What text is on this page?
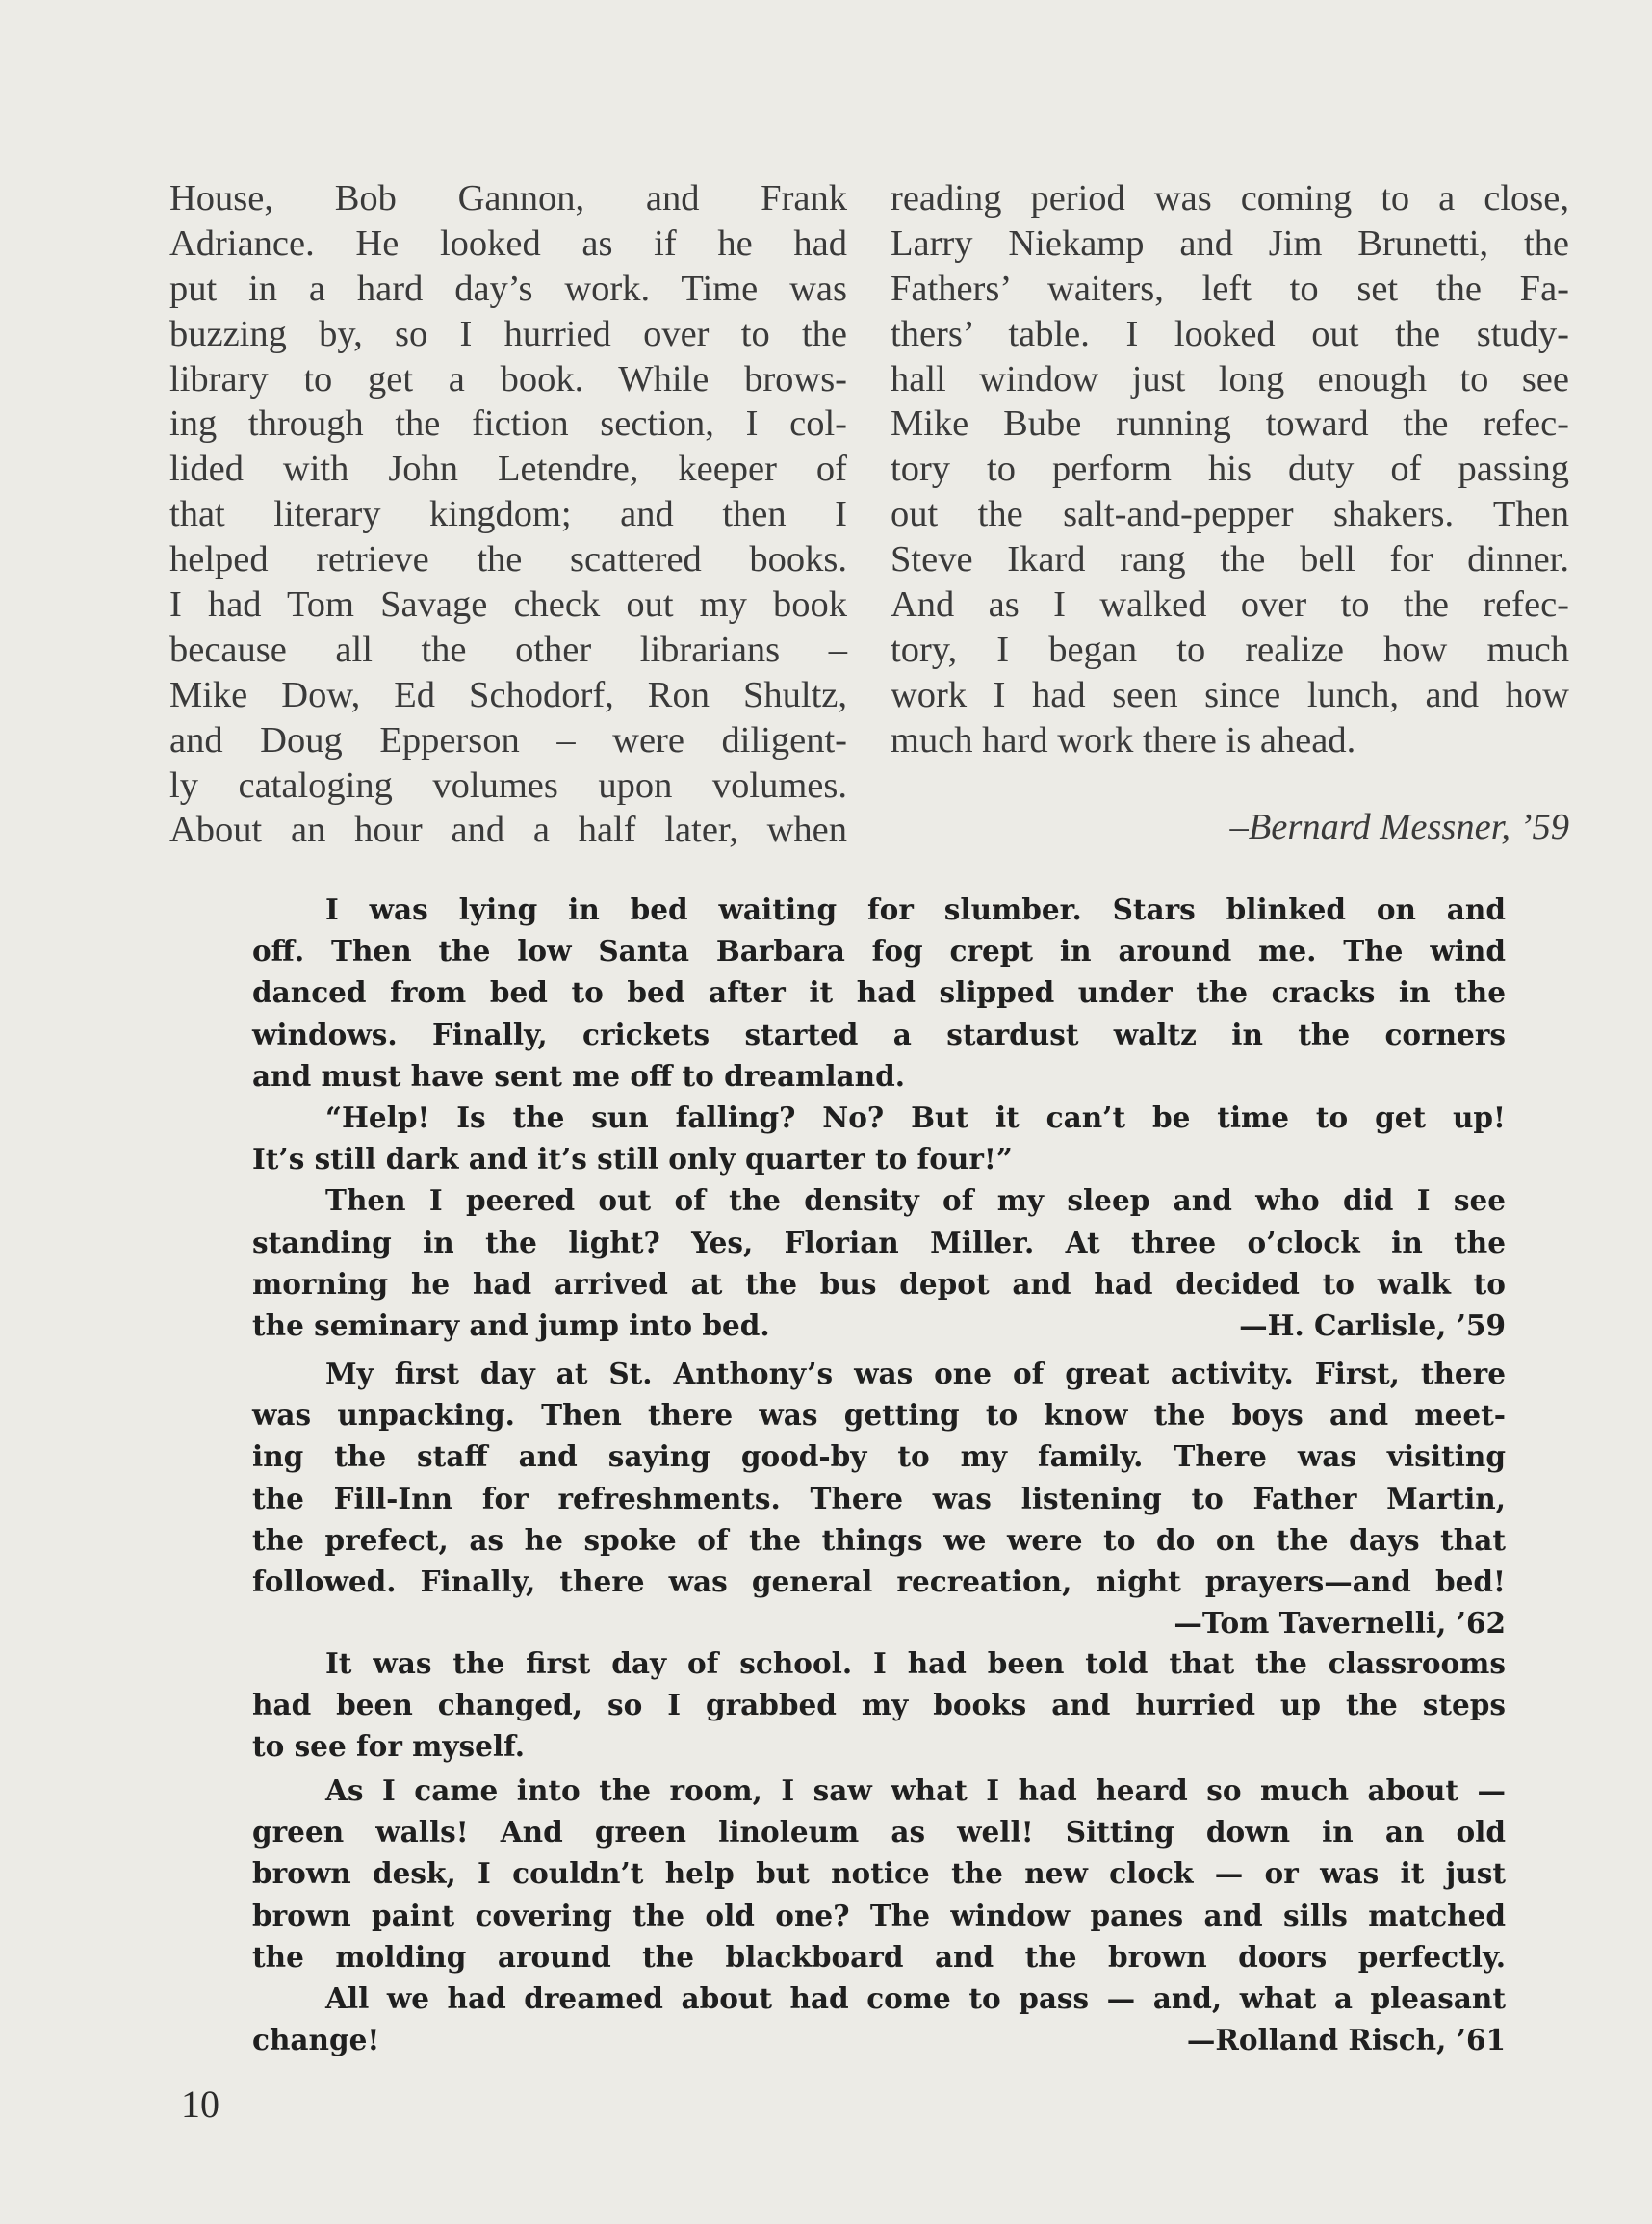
House, Bob Gannon, and Frank
Adriance. He looked as if he had
put in a hard day’s work. Time was
buzzing by, so I hurried over to the
library to get a book. While brows-
ing through the fiction section, I col-
lided with John Letendre, keeper of
that literary kingdom; and then I
helped retrieve the scattered books.
I had Tom Savage check out my book
because all the other librarians –
Mike Dow, Ed Schodorf, Ron Shultz,
and Doug Epperson – were diligent-
ly cataloging volumes upon volumes.
About an hour and a half later, when
reading period was coming to a close,
Larry Niekamp and Jim Brunetti, the
Fathers’ waiters, left to set the Fa-
thers’ table. I looked out the study-
hall window just long enough to see
Mike Bube running toward the refec-
tory to perform his duty of passing
out the salt-and-pepper shakers. Then
Steve Ikard rang the bell for dinner.
And as I walked over to the refec-
tory, I began to realize how much
work I had seen since lunch, and how
much hard work there is ahead.
–Bernard Messner, ’59
I was lying in bed waiting for slumber. Stars blinked on and
off. Then the low Santa Barbara fog crept in around me. The wind
danced from bed to bed after it had slipped under the cracks in the
windows. Finally, crickets started a stardust waltz in the corners
and must have sent me off to dreamland.
“Help! Is the sun falling? No? But it can’t be time to get up!
It’s still dark and it’s still only quarter to four!”
Then I peered out of the density of my sleep and who did I see
standing in the light? Yes, Florian Miller. At three o’clock in the
morning he had arrived at the bus depot and had decided to walk to
the seminary and jump into bed.	—H. Carlisle, ’59
My first day at St. Anthony’s was one of great activity. First, there
was unpacking. Then there was getting to know the boys and meet-
ing the staff and saying good-by to my family. There was visiting
the Fill-Inn for refreshments. There was listening to Father Martin,
the prefect, as he spoke of the things we were to do on the days that
followed. Finally, there was general recreation, night prayers—and bed!
—Tom Tavernelli, ’62
It was the first day of school. I had been told that the classrooms
had been changed, so I grabbed my books and hurried up the steps
to see for myself.
As I came into the room, I saw what I had heard so much about —
green walls! And green linoleum as well! Sitting down in an old
brown desk, I couldn’t help but notice the new clock — or was it just
brown paint covering the old one? The window panes and sills matched
the molding around the blackboard and the brown doors perfectly.
All we had dreamed about had come to pass — and, what a pleasant
change!	—Rolland Risch, ’61
10
